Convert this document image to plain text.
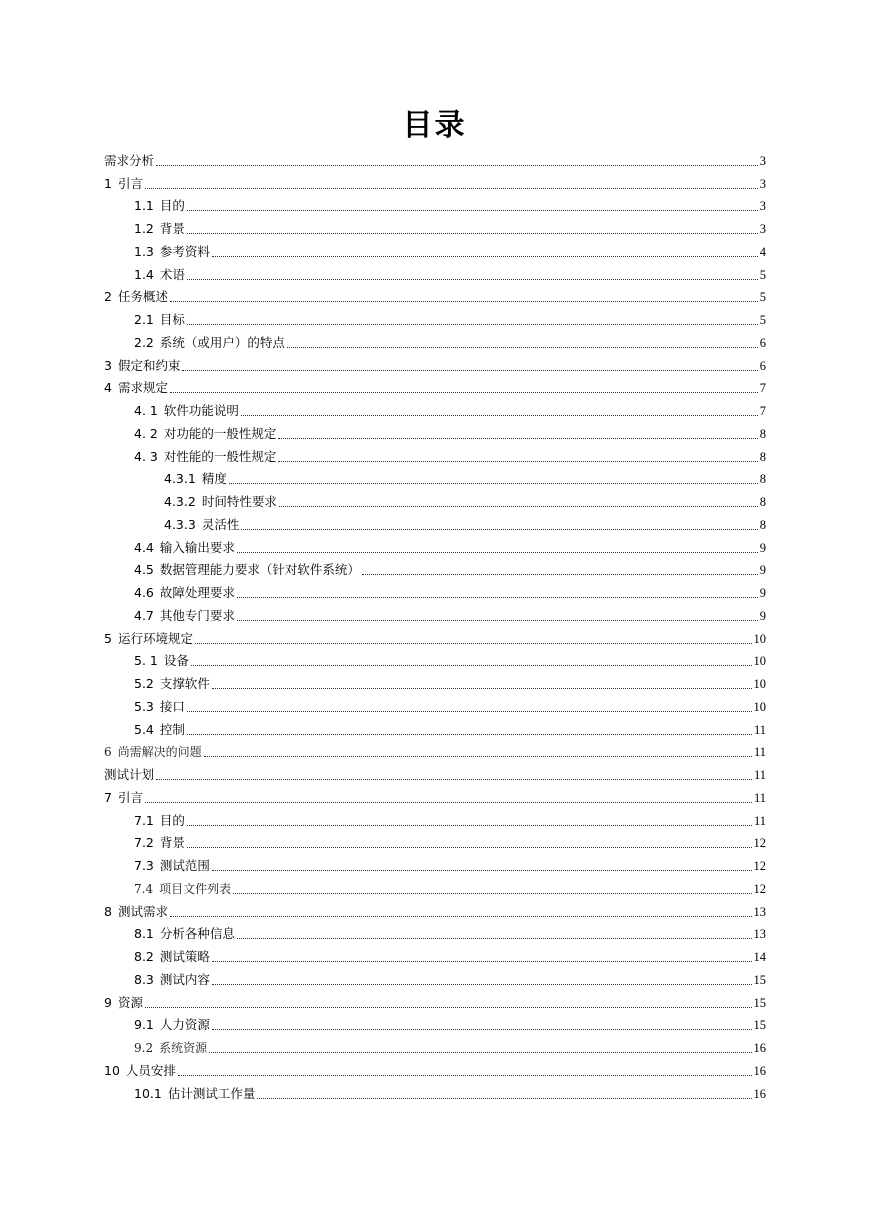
目录
需求分析	3
1 引言	3
1.1 目的	3
1.2 背景	3
1.3 参考资料	4
1.4 术语	5
2 任务概述	5
2.1 目标	5
2.2 系统（或用户）的特点	6
3 假定和约束	6
4 需求规定	7
4. 1 软件功能说明	7
4. 2 对功能的一般性规定	8
4. 3 对性能的一般性规定	8
4.3.1 精度	8
4.3.2 时间特性要求	8
4.3.3 灵活性	8
4.4 输入输出要求	9
4.5 数据管理能力要求（针对软件系统）	9
4.6 故障处理要求	9
4.7 其他专门要求	9
5 运行环境规定	10
5. 1 设备	10
5.2 支撑软件	10
5.3 接口	10
5.4 控制	11
6 尚需解决的问题	11
测试计划	11
7 引言	11
7.1 目的	11
7.2 背景	12
7.3 测试范围	12
7.4 项目文件列表	12
8 测试需求	13
8.1 分析各种信息	13
8.2 测试策略	14
8.3 测试内容	15
9 资源	15
9.1 人力资源	15
9.2 系统资源	16
10 人员安排	16
10.1 估计测试工作量	16
